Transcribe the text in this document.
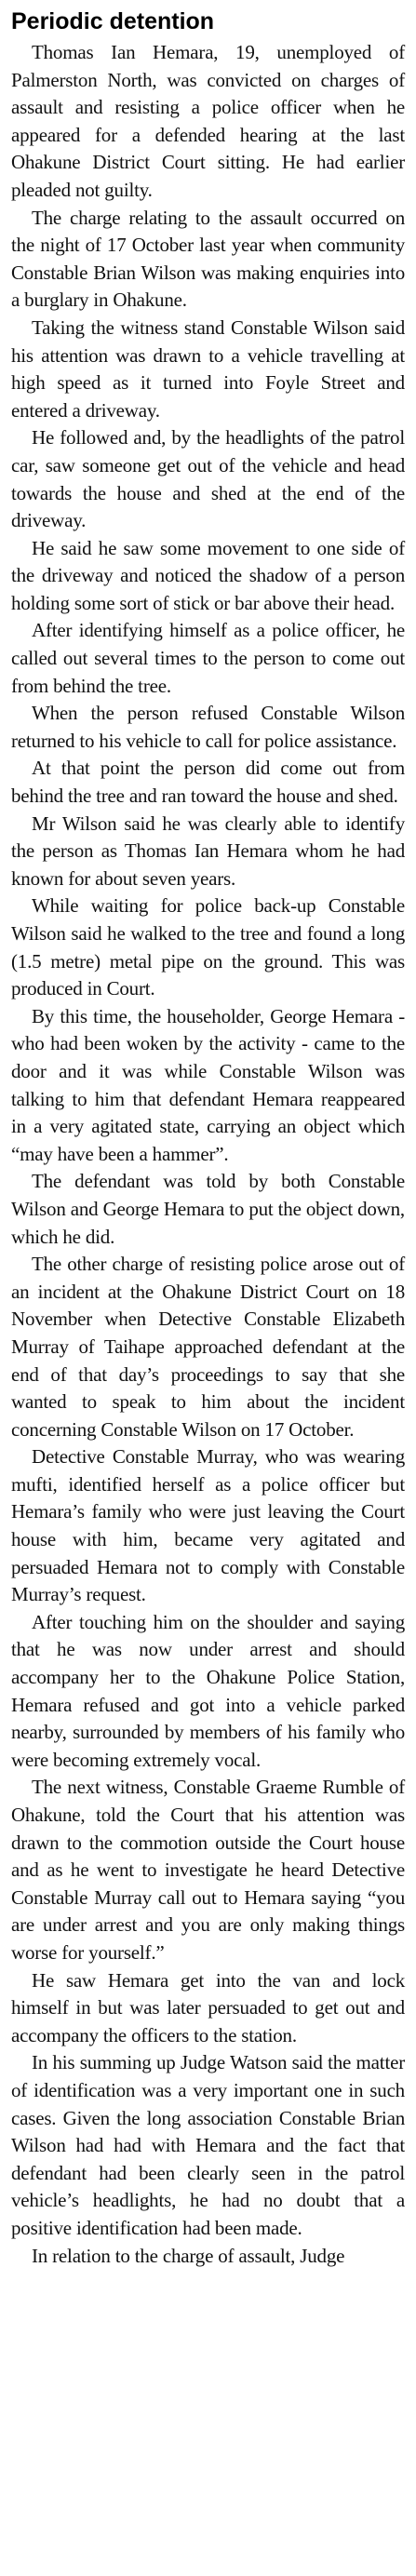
Periodic detention

Thomas Ian Hemara, 19, unemployed of Palmerston North, was convicted on charges of assault and resisting a police officer when he appeared for a defended hearing at the last Ohakune District Court sitting. He had earlier pleaded not guilty.

The charge relating to the assault occurred on the night of 17 October last year when community Constable Brian Wilson was making enquiries into a burglary in Ohakune.

Taking the witness stand Constable Wilson said his attention was drawn to a vehicle travelling at high speed as it turned into Foyle Street and entered a driveway.

He followed and, by the headlights of the patrol car, saw someone get out of the vehicle and head towards the house and shed at the end of the driveway.

He said he saw some movement to one side of the driveway and noticed the shadow of a person holding some sort of stick or bar above their head.

After identifying himself as a police officer, he called out several times to the person to come out from behind the tree.

When the person refused Constable Wilson returned to his vehicle to call for police assistance.

At that point the person did come out from behind the tree and ran toward the house and shed.

Mr Wilson said he was clearly able to identify the person as Thomas Ian Hemara whom he had known for about seven years.

While waiting for police back-up Constable Wilson said he walked to the tree and found a long (1.5 metre) metal pipe on the ground. This was produced in Court.

By this time, the householder, George Hemara - who had been woken by the activity - came to the door and it was while Constable Wilson was talking to him that defendant Hemara reappeared in a very agitated state, carrying an object which “may have been a hammer”.

The defendant was told by both Constable Wilson and George Hemara to put the object down, which he did.

The other charge of resisting police arose out of an incident at the Ohakune District Court on 18 November when Detective Constable Elizabeth Murray of Taihape approached defendant at the end of that day’s proceedings to say that she wanted to speak to him about the incident concerning Constable Wilson on 17 October.

Detective Constable Murray, who was wearing mufti, identified herself as a police officer but Hemara’s family who were just leaving the Court house with him, became very agitated and persuaded Hemara not to comply with Constable Murray’s request.

After touching him on the shoulder and saying that he was now under arrest and should accompany her to the Ohakune Police Station, Hemara refused and got into a vehicle parked nearby, surrounded by members of his family who were becoming extremely vocal.

The next witness, Constable Graeme Rumble of Ohakune, told the Court that his attention was drawn to the commotion outside the Court house and as he went to investigate he heard Detective Constable Murray call out to Hemara saying “you are under arrest and you are only making things worse for yourself.”

He saw Hemara get into the van and lock himself in but was later persuaded to get out and accompany the officers to the station.

In his summing up Judge Watson said the matter of identification was a very important one in such cases. Given the long association Constable Brian Wilson had had with Hemara and the fact that defendant had been clearly seen in the patrol vehicle’s headlights, he had no doubt that a positive identification had been made.

In relation to the charge of assault, Judge
